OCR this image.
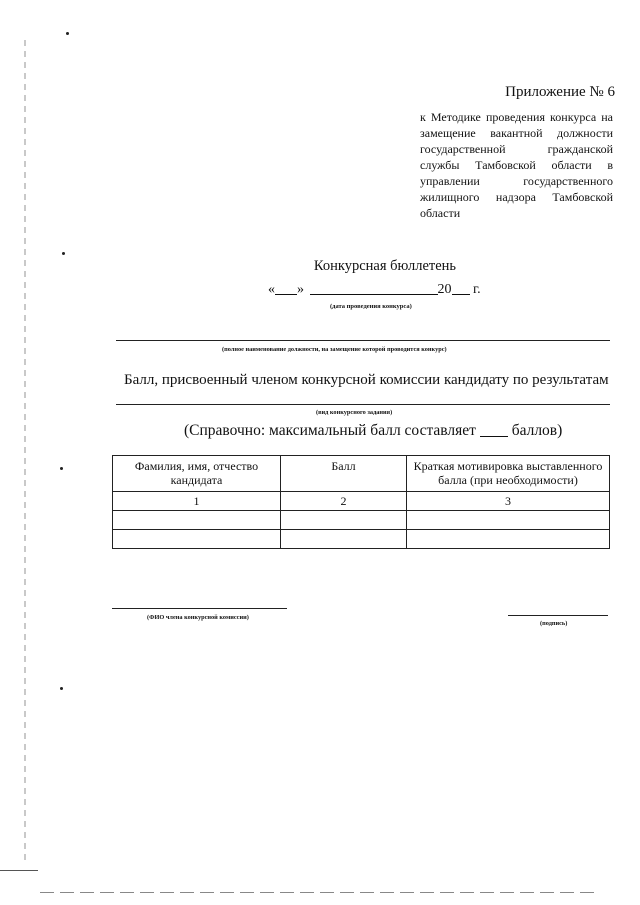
Приложение № 6
к Методике проведения конкурса на замещение вакантной должности государственной гражданской службы Тамбовской области в управлении государственного жилищного надзора Тамбовской области
Конкурсная бюллетень
« »	20 г.
(дата проведения конкурса)
(полное наименование должности, на замещение которой проводится конкурс)
Балл, присвоенный членом конкурсной комиссии кандидату по результатам
(вид конкурсного задания)
(Справочно: максимальный балл составляет баллов)
Фамилия, имя, отчество кандидата	Балл	Краткая мотивировка выставленного балла (при необходимости)
1	2	3

(ФИО члена конкурсной комиссии)
(подпись)
